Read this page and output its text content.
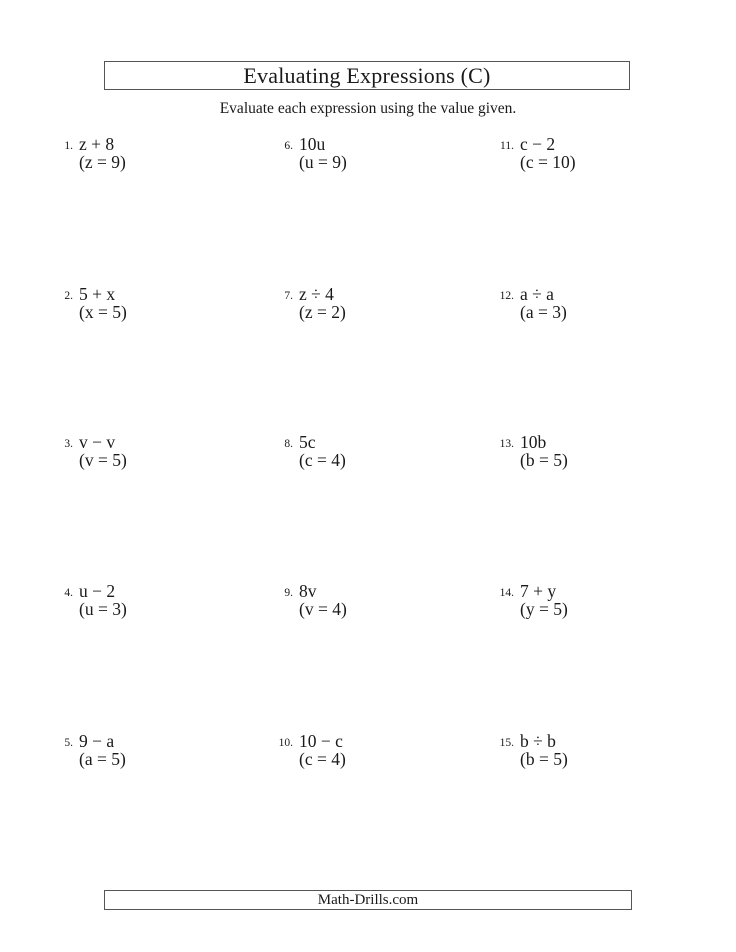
Evaluating Expressions (C)
Evaluate each expression using the value given.
1. z + 8
(z = 9)
2. 5 + x
(x = 5)
3. v − v
(v = 5)
4. u − 2
(u = 3)
5. 9 − a
(a = 5)
6. 10u
(u = 9)
7. z ÷ 4
(z = 2)
8. 5c
(c = 4)
9. 8v
(v = 4)
10. 10 − c
(c = 4)
11. c − 2
(c = 10)
12. a ÷ a
(a = 3)
13. 10b
(b = 5)
14. 7 + y
(y = 5)
15. b ÷ b
(b = 5)
Math-Drills.com
